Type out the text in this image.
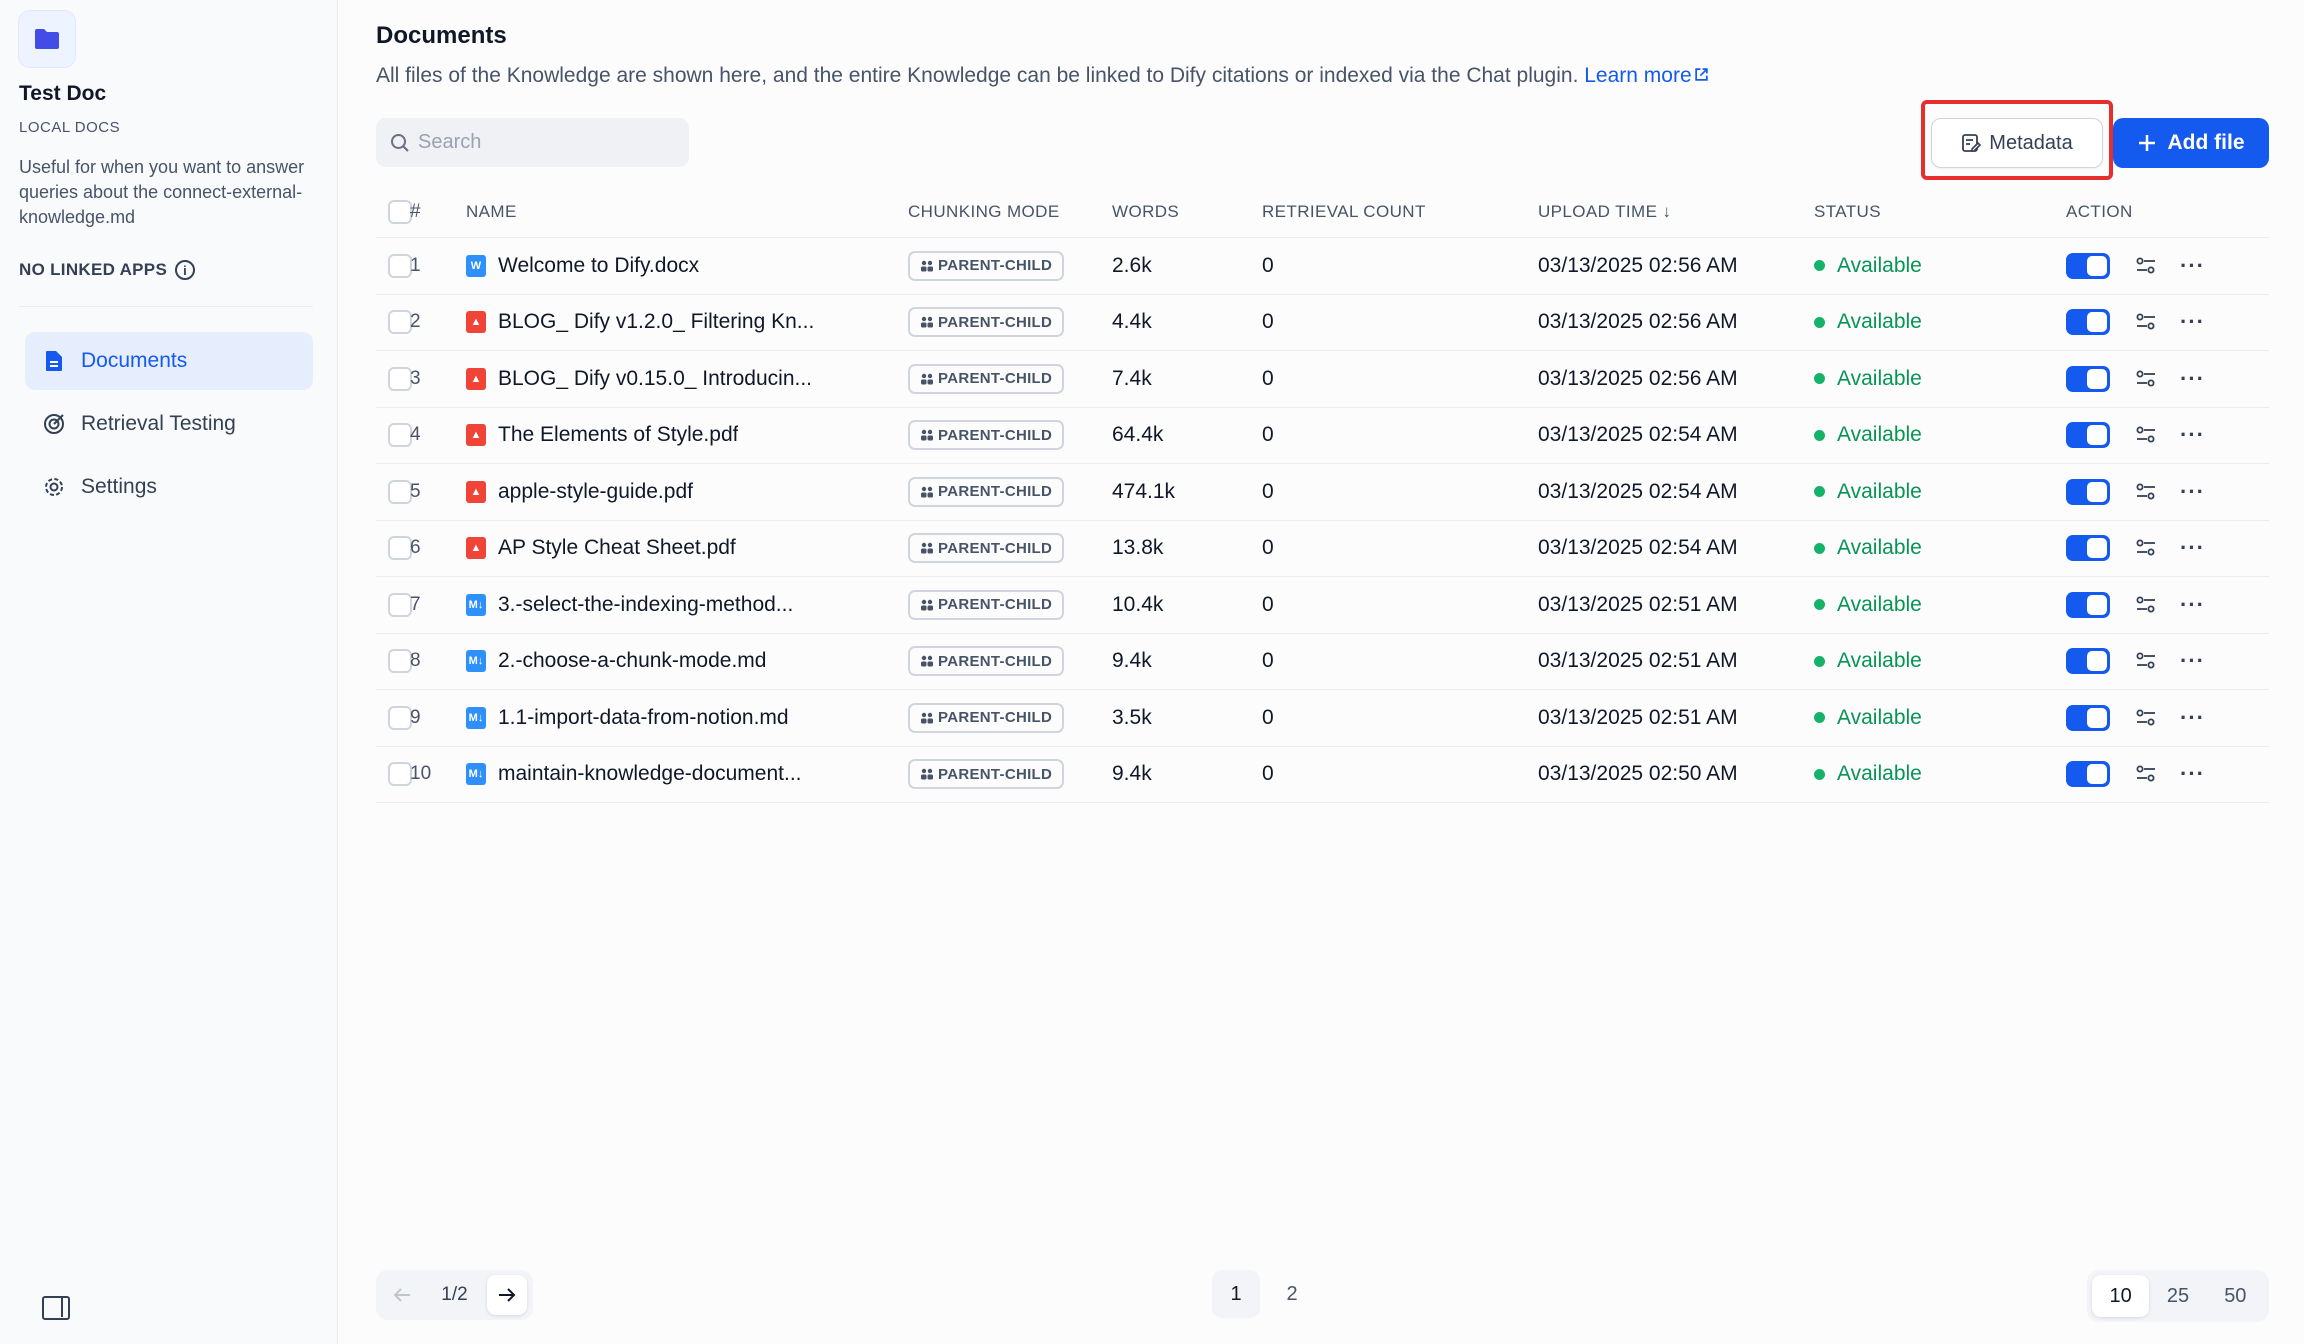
Test Doc
LOCAL DOCS
Useful for when you want to answer queries about the connect-external-knowledge.md
NO LINKED APPS	i
Documents
Retrieval Testing
Settings
Documents
All files of the Knowledge are shown here, and the entire Knowledge can be linked to Dify citations or indexed via the Chat plugin. Learn more
Search	Metadata	Add file
#	NAME	CHUNKING MODE	WORDS	RETRIEVAL COUNT	UPLOAD TIME ↓	STATUS	ACTION
1	W Welcome to Dify.docx	PARENT-CHILD	2.6k	0	03/13/2025 02:56 AM	Available	···
2	▲ BLOG_ Dify v1.2.0_ Filtering Kn...	PARENT-CHILD	4.4k	0	03/13/2025 02:56 AM	Available	···
3	▲ BLOG_ Dify v0.15.0_ Introducin...	PARENT-CHILD	7.4k	0	03/13/2025 02:56 AM	Available	···
4	▲ The Elements of Style.pdf	PARENT-CHILD	64.4k	0	03/13/2025 02:54 AM	Available	···
5	▲ apple-style-guide.pdf	PARENT-CHILD	474.1k	0	03/13/2025 02:54 AM	Available	···
6	▲ AP Style Cheat Sheet.pdf	PARENT-CHILD	13.8k	0	03/13/2025 02:54 AM	Available	···
7	M↓ 3.-select-the-indexing-method...	PARENT-CHILD	10.4k	0	03/13/2025 02:51 AM	Available	···
8	M↓ 2.-choose-a-chunk-mode.md	PARENT-CHILD	9.4k	0	03/13/2025 02:51 AM	Available	···
9	M↓ 1.1-import-data-from-notion.md	PARENT-CHILD	3.5k	0	03/13/2025 02:51 AM	Available	···
10	M↓ maintain-knowledge-document...	PARENT-CHILD	9.4k	0	03/13/2025 02:50 AM	Available	···
1/2	1	2	10	25	50
